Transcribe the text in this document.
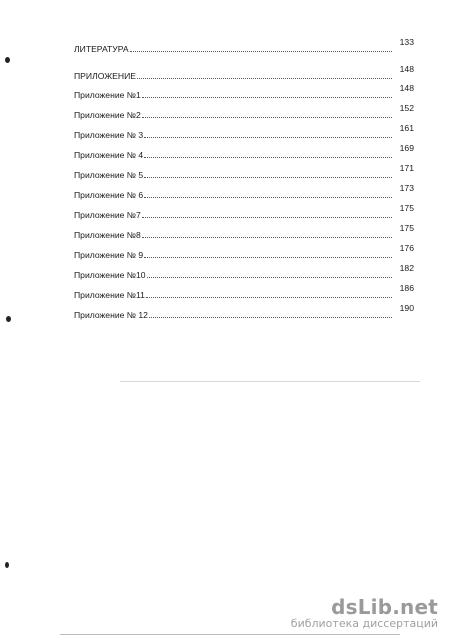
ЛИТЕРАТУРА
133
ПРИЛОЖЕНИЕ
148
Приложение №1
148
Приложение №2
152
Приложение № 3
161
Приложение № 4
169
Приложение № 5
171
Приложение № 6
173
Приложение №7
175
Приложение №8
175
Приложение № 9
176
Приложение №10
182
Приложение №11
186
Приложение № 12
190
dsLib.net
библиотека диссертаций
